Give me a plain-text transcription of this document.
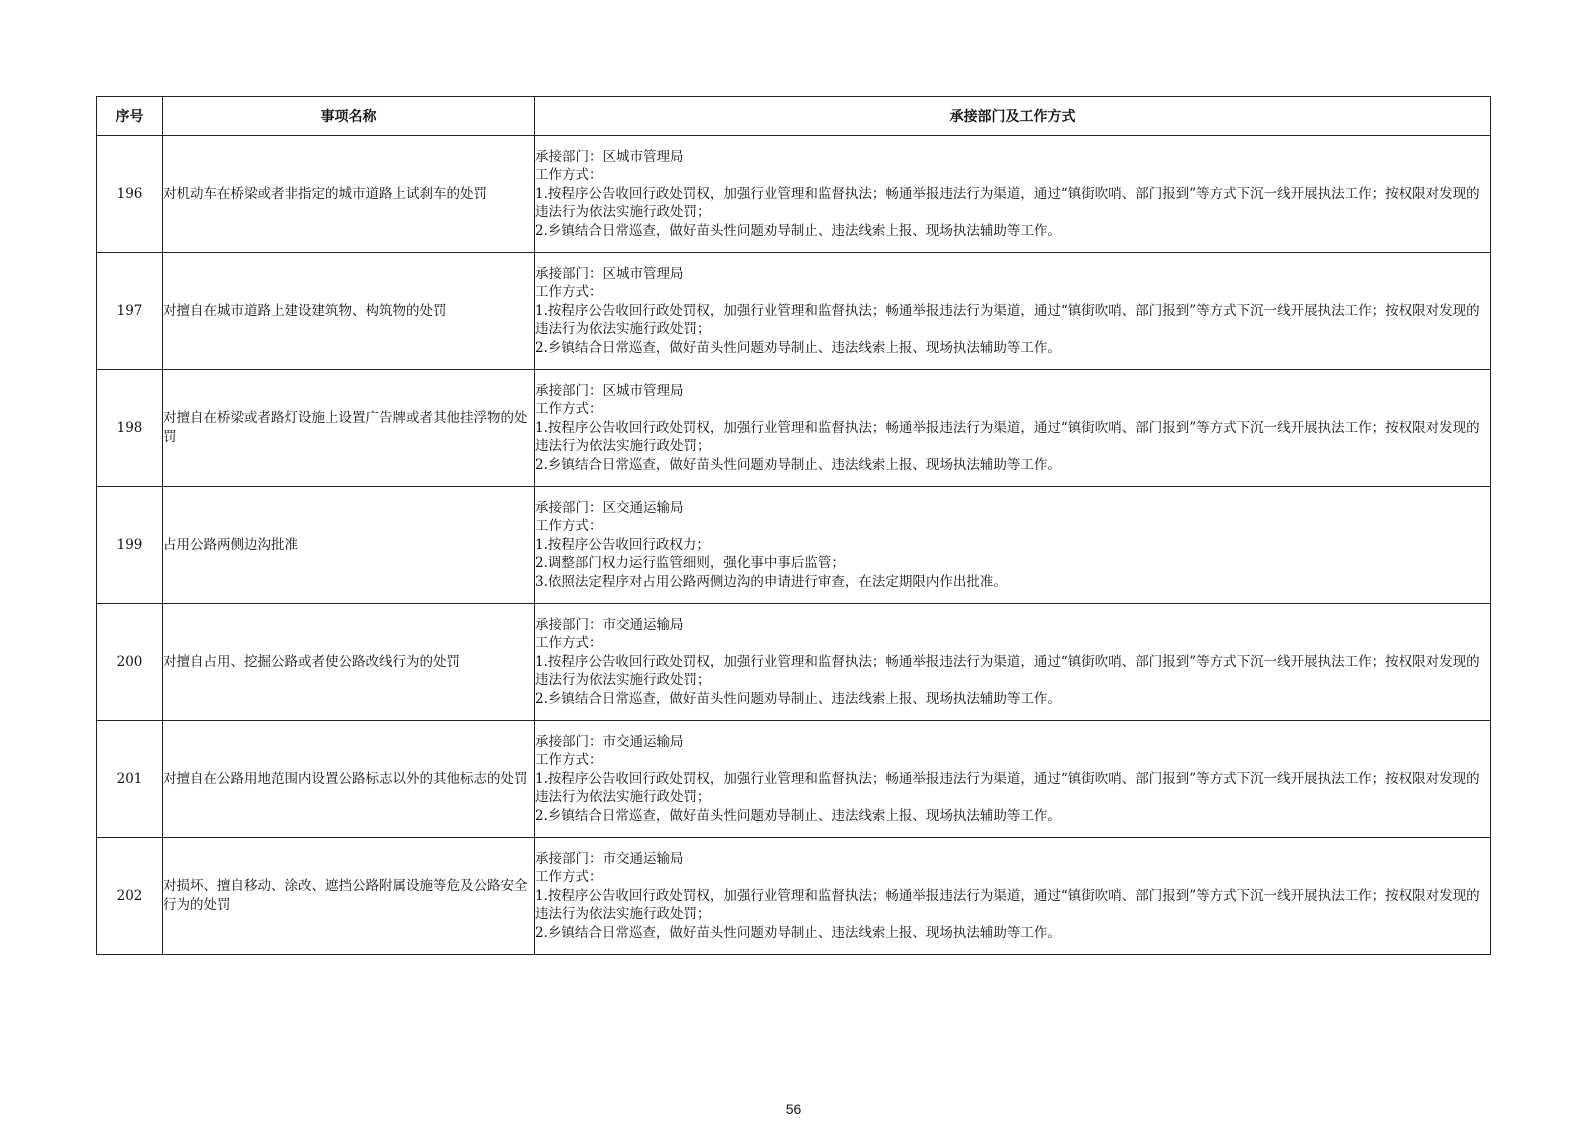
序号	事项名称	承接部门及工作方式
196	对机动车在桥梁或者非指定的城市道路上试刹车的处罚	承接部门：区城市管理局
工作方式：
1.按程序公告收回行政处罚权，加强行业管理和监督执法；畅通举报违法行为渠道，通过“镇街吹哨、部门报到”等方式下沉一线开展执法工作；按权限对发现的违法行为依法实施行政处罚；
2.乡镇结合日常巡查，做好苗头性问题劝导制止、违法线索上报、现场执法辅助等工作。

197	对擅自在城市道路上建设建筑物、构筑物的处罚	承接部门：区城市管理局
工作方式：
1.按程序公告收回行政处罚权，加强行业管理和监督执法；畅通举报违法行为渠道，通过“镇街吹哨、部门报到”等方式下沉一线开展执法工作；按权限对发现的违法行为依法实施行政处罚；
2.乡镇结合日常巡查，做好苗头性问题劝导制止、违法线索上报、现场执法辅助等工作。

198	对擅自在桥梁或者路灯设施上设置广告牌或者其他挂浮物的处罚	承接部门：区城市管理局
工作方式：
1.按程序公告收回行政处罚权，加强行业管理和监督执法；畅通举报违法行为渠道，通过“镇街吹哨、部门报到”等方式下沉一线开展执法工作；按权限对发现的违法行为依法实施行政处罚；
2.乡镇结合日常巡查，做好苗头性问题劝导制止、违法线索上报、现场执法辅助等工作。

199	占用公路两侧边沟批准	承接部门：区交通运输局
工作方式：
1.按程序公告收回行政权力；
2.调整部门权力运行监管细则，强化事中事后监管；
3.依照法定程序对占用公路两侧边沟的申请进行审查，在法定期限内作出批准。

200	对擅自占用、挖掘公路或者使公路改线行为的处罚	承接部门：市交通运输局
工作方式：
1.按程序公告收回行政处罚权，加强行业管理和监督执法；畅通举报违法行为渠道，通过“镇街吹哨、部门报到”等方式下沉一线开展执法工作；按权限对发现的违法行为依法实施行政处罚；
2.乡镇结合日常巡查，做好苗头性问题劝导制止、违法线索上报、现场执法辅助等工作。

201	对擅自在公路用地范围内设置公路标志以外的其他标志的处罚	承接部门：市交通运输局
工作方式：
1.按程序公告收回行政处罚权，加强行业管理和监督执法；畅通举报违法行为渠道，通过“镇街吹哨、部门报到”等方式下沉一线开展执法工作；按权限对发现的违法行为依法实施行政处罚；
2.乡镇结合日常巡查，做好苗头性问题劝导制止、违法线索上报、现场执法辅助等工作。

202	对损坏、擅自移动、涂改、遮挡公路附属设施等危及公路安全行为的处罚	承接部门：市交通运输局
工作方式：
1.按程序公告收回行政处罚权，加强行业管理和监督执法；畅通举报违法行为渠道，通过“镇街吹哨、部门报到”等方式下沉一线开展执法工作；按权限对发现的违法行为依法实施行政处罚；
2.乡镇结合日常巡查，做好苗头性问题劝导制止、违法线索上报、现场执法辅助等工作。
56
